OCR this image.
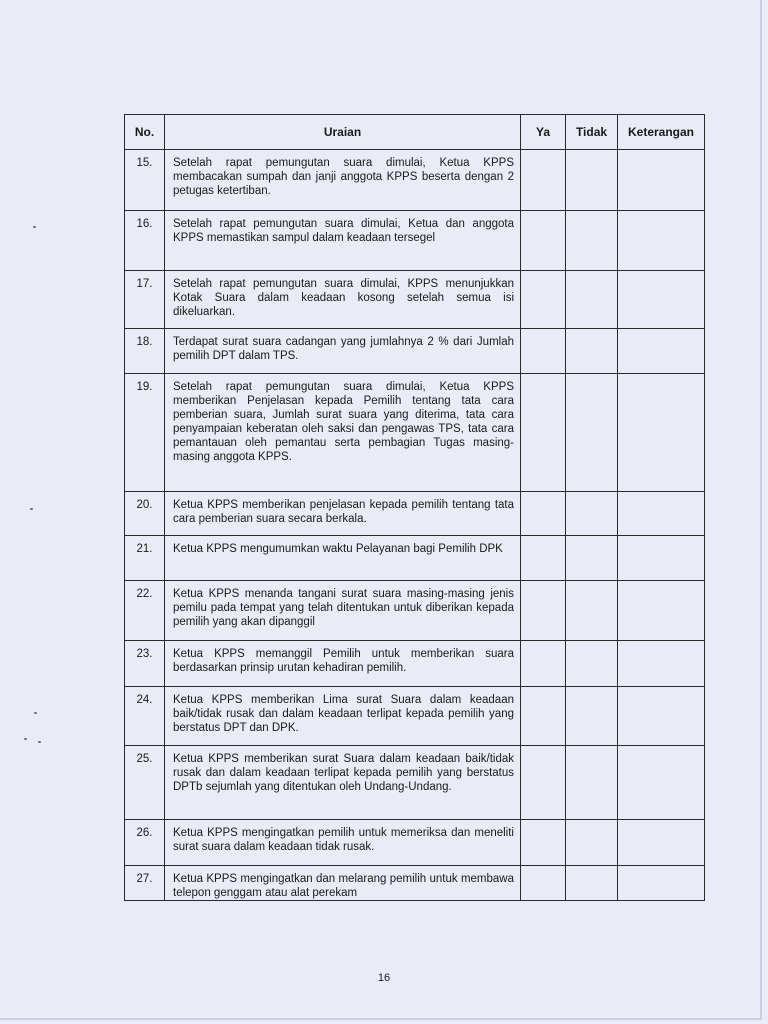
No.	Uraian	Ya	Tidak	Keterangan
15.	Setelah rapat pemungutan suara dimulai, Ketua KPPS membacakan sumpah dan janji anggota KPPS beserta dengan 2 petugas ketertiban.			
16.	Setelah rapat pemungutan suara dimulai, Ketua dan anggota KPPS memastikan sampul dalam keadaan tersegel			
17.	Setelah rapat pemungutan suara dimulai, KPPS menunjukkan Kotak Suara dalam keadaan kosong setelah semua isi dikeluarkan.			
18.	Terdapat surat suara cadangan yang jumlahnya 2 % dari Jumlah pemilih DPT dalam TPS.			
19.	Setelah rapat pemungutan suara dimulai, Ketua KPPS memberikan Penjelasan kepada Pemilih tentang tata cara pemberian suara, Jumlah surat suara yang diterima, tata cara penyampaian keberatan oleh saksi dan pengawas TPS, tata cara pemantauan oleh pemantau serta pembagian Tugas masing-masing anggota KPPS.			
20.	Ketua KPPS memberikan penjelasan kepada pemilih tentang tata cara pemberian suara secara berkala.			
21.	Ketua KPPS mengumumkan waktu Pelayanan bagi Pemilih DPK			
22.	Ketua KPPS menanda tangani surat suara masing-masing jenis pemilu pada tempat yang telah ditentukan untuk diberikan kepada pemilih yang akan dipanggil			
23.	Ketua KPPS memanggil Pemilih untuk memberikan suara berdasarkan prinsip urutan kehadiran pemilih.			
24.	Ketua KPPS memberikan Lima surat Suara dalam keadaan baik/tidak rusak dan dalam keadaan terlipat kepada pemilih yang berstatus DPT dan DPK.			
25.	Ketua KPPS memberikan surat Suara dalam keadaan baik/tidak rusak dan dalam keadaan terlipat kepada pemilih yang berstatus DPTb sejumlah yang ditentukan oleh Undang-Undang.			
26.	Ketua KPPS mengingatkan pemilih untuk memeriksa dan meneliti surat suara dalam keadaan tidak rusak.			
27.	Ketua KPPS mengingatkan dan melarang pemilih untuk membawa telepon genggam atau alat perekam			
16
